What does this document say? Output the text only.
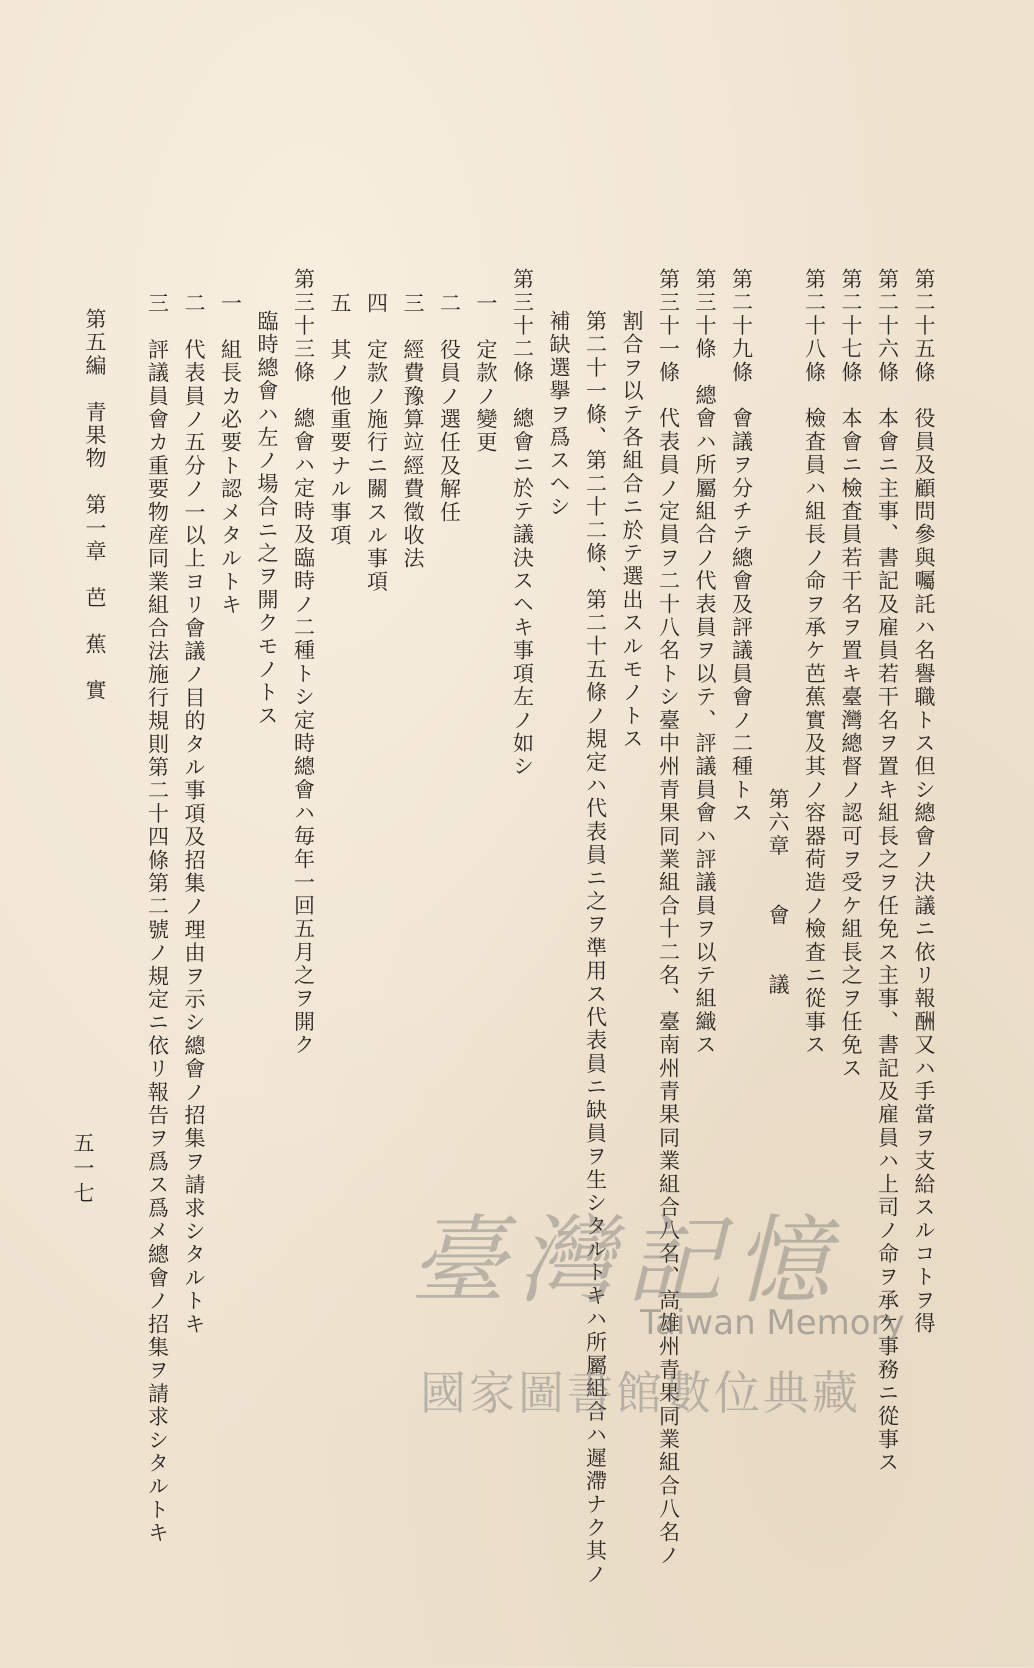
第二十五條　役員及顧問參與囑託ハ名譽職トス但シ總會ノ決議ニ依リ報酬又ハ手當ヲ支給スルコトヲ得
第二十六條　本會ニ主事、書記及雇員若干名ヲ置キ組長之ヲ任免ス主事、書記及雇員ハ上司ノ命ヲ承ケ事務ニ從事ス
第二十七條　本會ニ檢査員若干名ヲ置キ臺灣總督ノ認可ヲ受ケ組長之ヲ任免ス
第二十八條　檢査員ハ組長ノ命ヲ承ケ芭蕉實及其ノ容器荷造ノ檢査ニ從事ス
第六章　　會　　議
第二十九條　會議ヲ分チテ總會及評議員會ノ二種トス
第三十條　總會ハ所屬組合ノ代表員ヲ以テ、評議員會ハ評議員ヲ以テ組織ス
第三十一條　代表員ノ定員ヲ二十八名トシ臺中州青果同業組合十二名、臺南州青果同業組合八名、高雄州青果同業組合八名ノ
割合ヲ以テ各組合ニ於テ選出スルモノトス
第二十一條、第二十二條、第二十五條ノ規定ハ代表員ニ之ヲ準用ス代表員ニ缺員ヲ生シタルトキハ所屬組合ハ遲滯ナク其ノ
補缺選擧ヲ爲スヘシ
第三十二條　總會ニ於テ議決スヘキ事項左ノ如シ
一　定款ノ變更
二　役員ノ選任及解任
三　經費豫算竝經費徵收法
四　定款ノ施行ニ關スル事項
五　其ノ他重要ナル事項
第三十三條　總會ハ定時及臨時ノ二種トシ定時總會ハ毎年一回五月之ヲ開ク
臨時總會ハ左ノ場合ニ之ヲ開クモノトス
一　組長カ必要ト認メタルトキ
二　代表員ノ五分ノ一以上ヨリ會議ノ目的タル事項及招集ノ理由ヲ示シ總會ノ招集ヲ請求シタルトキ
三　評議員會カ重要物産同業組合法施行規則第二十四條第二號ノ規定ニ依リ報告ヲ爲ス爲メ總會ノ招集ヲ請求シタルトキ
第五編　青果物　第一章　芭　蕉　實
五一七
臺灣記憶
Taiwan Memory
國家圖書館數位典藏
